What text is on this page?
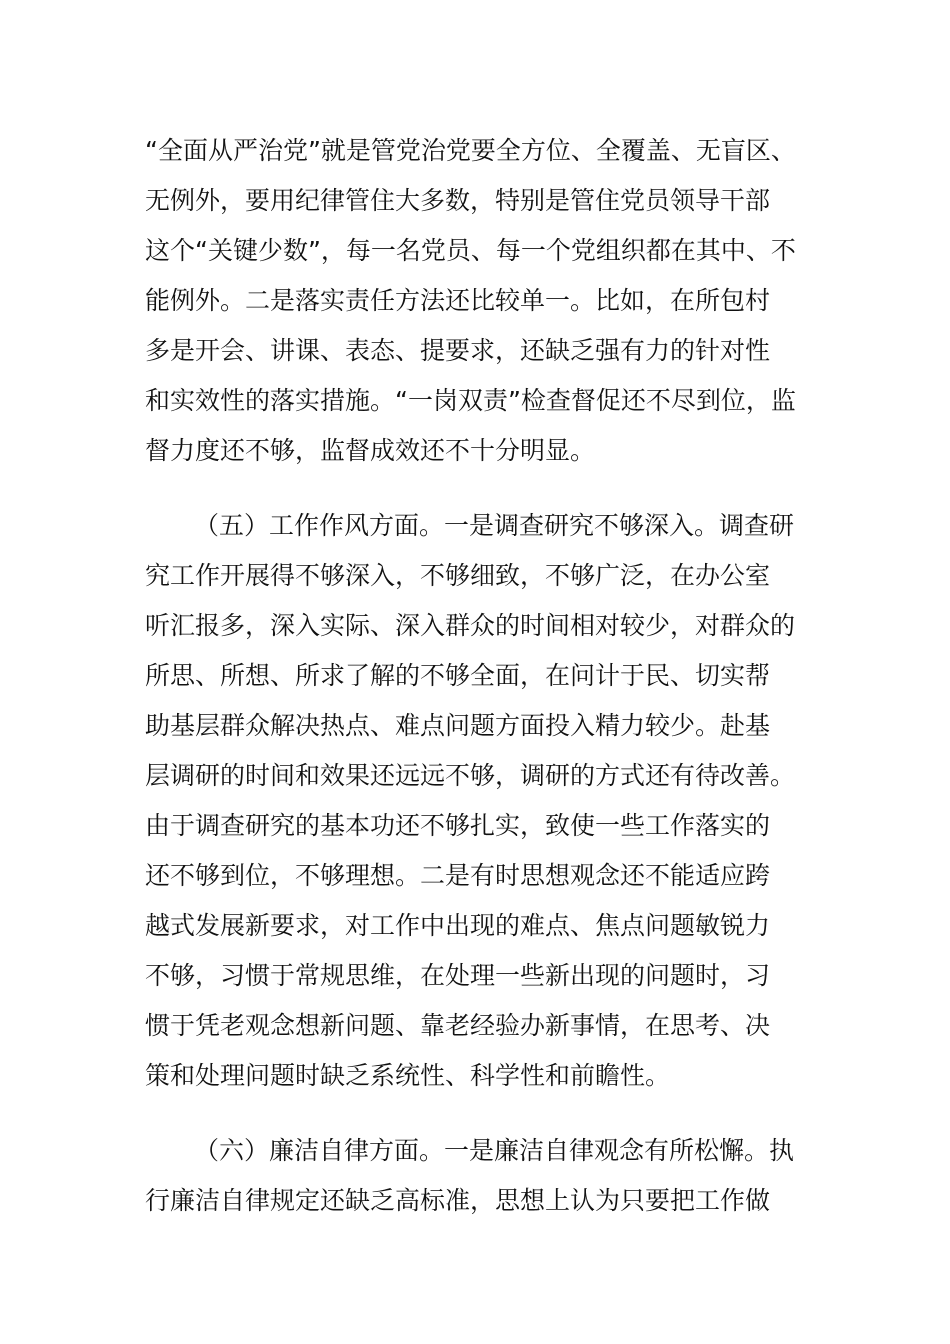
“全面从严治党”就是管党治党要全方位、全覆盖、无盲区、
无例外，要用纪律管住大多数，特别是管住党员领导干部
这个“关键少数”，每一名党员、每一个党组织都在其中、不
能例外。二是落实责任方法还比较单一。比如，在所包村
多是开会、讲课、表态、提要求，还缺乏强有力的针对性
和实效性的落实措施。“一岗双责”检查督促还不尽到位，监
督力度还不够，监督成效还不十分明显。
（五）工作作风方面。一是调查研究不够深入。调查研
究工作开展得不够深入，不够细致，不够广泛，在办公室
听汇报多，深入实际、深入群众的时间相对较少，对群众的
所思、所想、所求了解的不够全面，在问计于民、切实帮
助基层群众解决热点、难点问题方面投入精力较少。赴基
层调研的时间和效果还远远不够，调研的方式还有待改善。
由于调查研究的基本功还不够扎实，致使一些工作落实的
还不够到位，不够理想。二是有时思想观念还不能适应跨
越式发展新要求，对工作中出现的难点、焦点问题敏锐力
不够，习惯于常规思维，在处理一些新出现的问题时，习
惯于凭老观念想新问题、靠老经验办新事情，在思考、决
策和处理问题时缺乏系统性、科学性和前瞻性。
（六）廉洁自律方面。一是廉洁自律观念有所松懈。执
行廉洁自律规定还缺乏高标准，思想上认为只要把工作做
